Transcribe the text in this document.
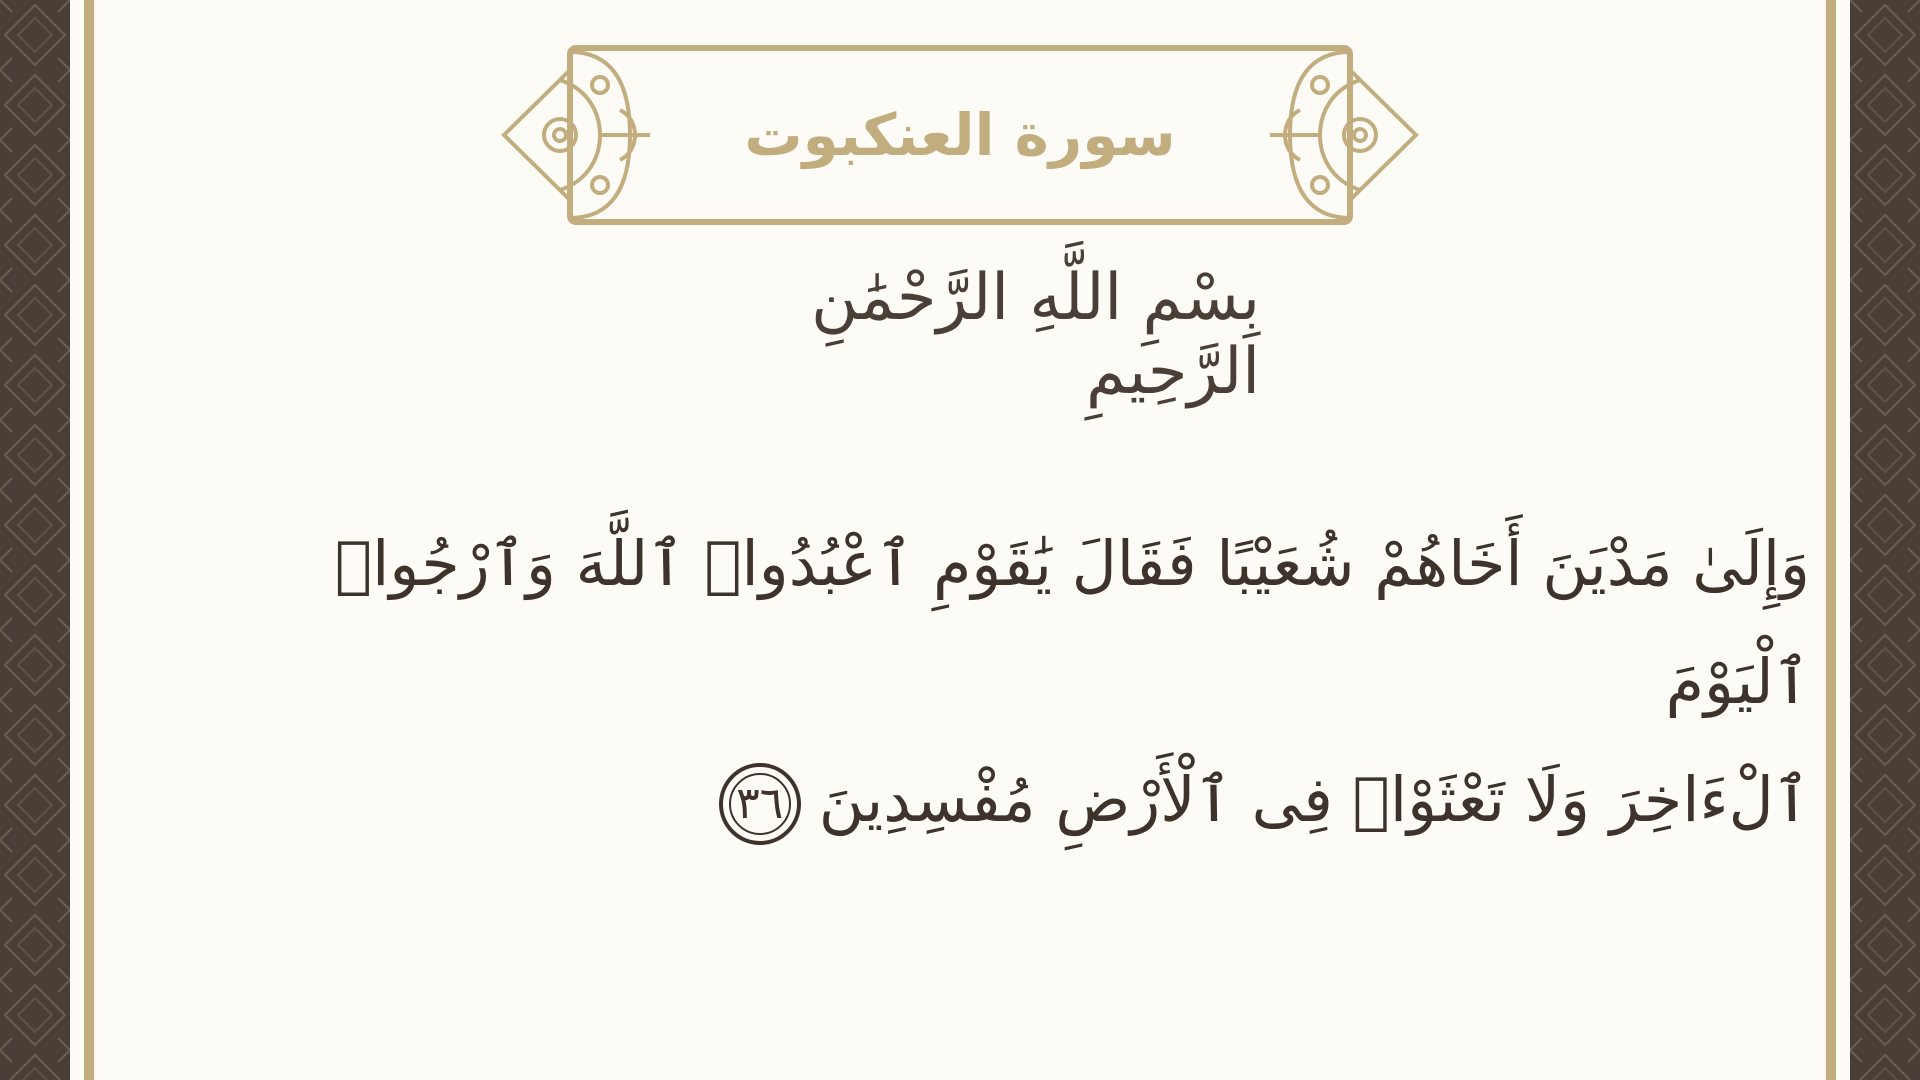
سورة العنكبوت
بِسْمِ اللَّهِ الرَّحْمَٰنِ الرَّحِيمِ
وَإِلَىٰ مَدْيَنَ أَخَاهُمْ شُعَيْبًا فَقَالَ يَٰقَوْمِ ٱعْبُدُوا۟ ٱللَّهَ وَٱرْجُوا۟ ٱلْيَوْمَ
ٱلْءَاخِرَ وَلَا تَعْثَوْا۟ فِى ٱلْأَرْضِ مُفْسِدِينَ٣٦
